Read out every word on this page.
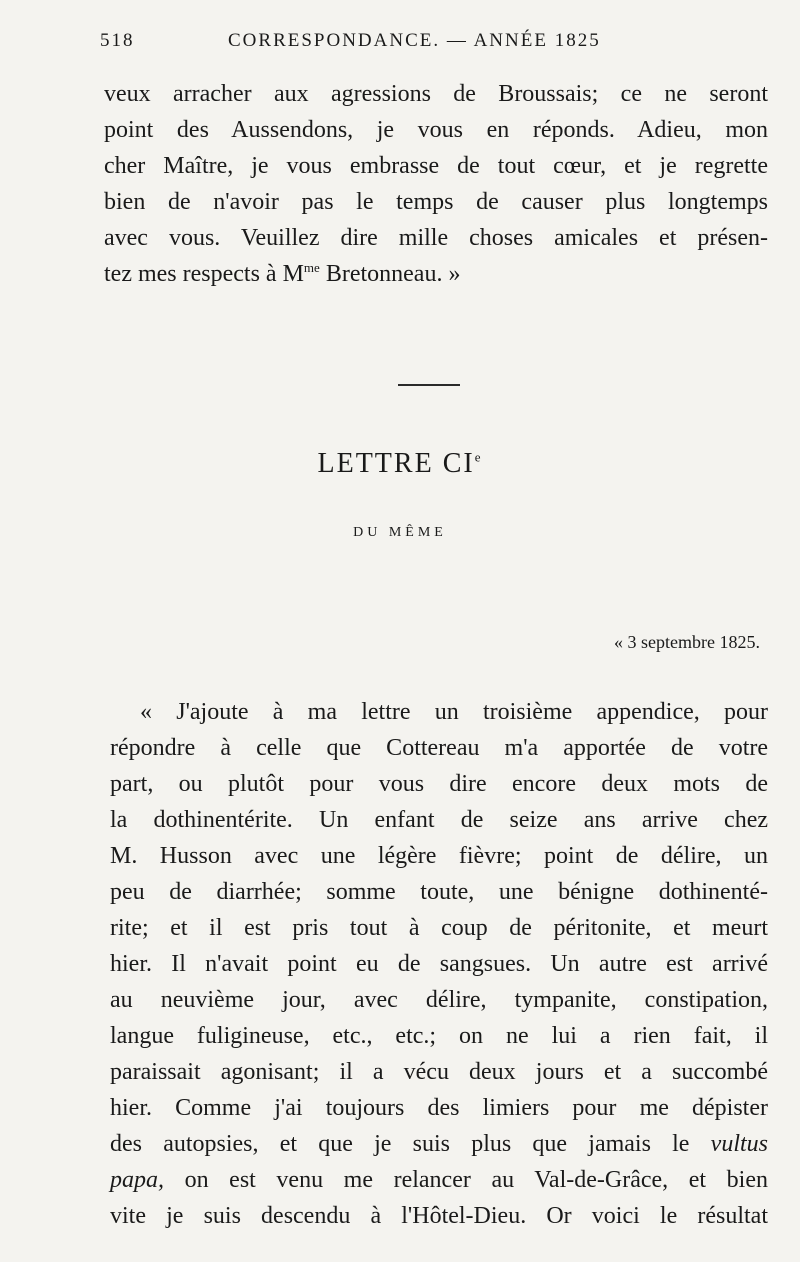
518	CORRESPONDANCE. — ANNÉE 1825
veux arracher aux agressions de Broussais; ce ne seront
point des Aussendons, je vous en réponds. Adieu, mon
cher Maître, je vous embrasse de tout cœur, et je regrette
bien de n'avoir pas le temps de causer plus longtemps
avec vous. Veuillez dire mille choses amicales et présen-
tez mes respects à $M^{me}$ Bretonneau. »
LETTRE CIe
DU MÊME
« 3 septembre 1825.
« J'ajoute à ma lettre un troisième appendice, pour
répondre à celle que Cottereau m'a apportée de votre
part, ou plutôt pour vous dire encore deux mots de
la dothinentérite. Un enfant de seize ans arrive chez
M. Husson avec une légère fièvre; point de délire, un
peu de diarrhée; somme toute, une bénigne dothinenté-
rite; et il est pris tout à coup de péritonite, et meurt
hier. Il n'avait point eu de sangsues. Un autre est arrivé
au neuvième jour, avec délire, tympanite, constipation,
langue fuligineuse, etc., etc.; on ne lui a rien fait, il
paraissait agonisant; il a vécu deux jours et a succombé
hier. Comme j'ai toujours des limiers pour me dépister
des autopsies, et que je suis plus que jamais le vultus
papa, on est venu me relancer au Val-de-Grâce, et bien
vite je suis descendu à l'Hôtel-Dieu. Or voici le résultat
